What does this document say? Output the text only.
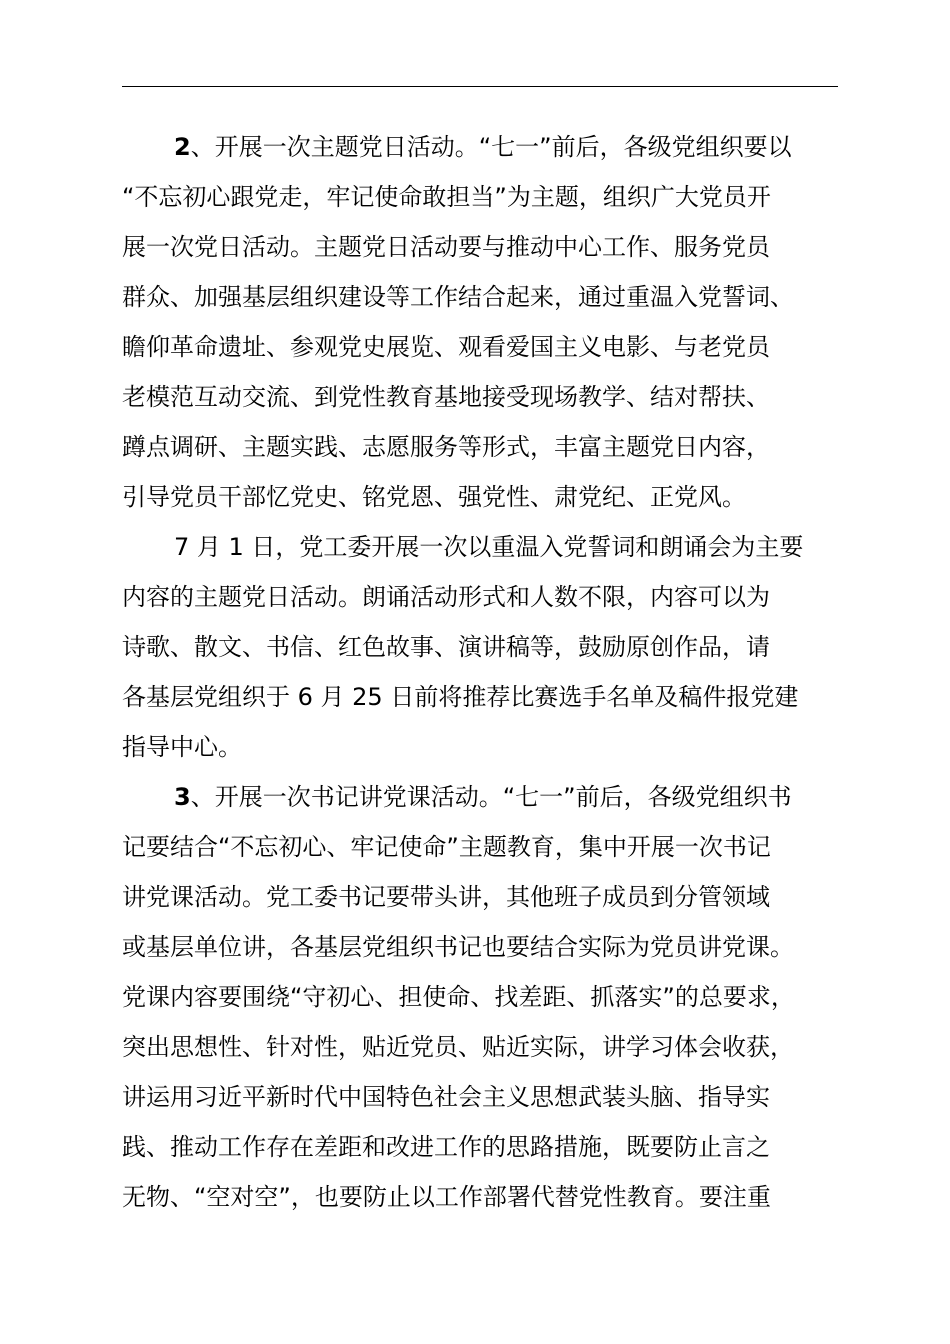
2、开展一次主题党日活动。“七一”前后，各级党组织要以
“不忘初心跟党走，牢记使命敢担当”为主题，组织广大党员开
展一次党日活动。主题党日活动要与推动中心工作、服务党员
群众、加强基层组织建设等工作结合起来，通过重温入党誓词、
瞻仰革命遗址、参观党史展览、观看爱国主义电影、与老党员
老模范互动交流、到党性教育基地接受现场教学、结对帮扶、
蹲点调研、主题实践、志愿服务等形式，丰富主题党日内容，
引导党员干部忆党史、铭党恩、强党性、肃党纪、正党风。
7 月 1 日，党工委开展一次以重温入党誓词和朗诵会为主要
内容的主题党日活动。朗诵活动形式和人数不限，内容可以为
诗歌、散文、书信、红色故事、演讲稿等，鼓励原创作品，请
各基层党组织于 6 月 25 日前将推荐比赛选手名单及稿件报党建
指导中心。
3、开展一次书记讲党课活动。“七一”前后，各级党组织书
记要结合“不忘初心、牢记使命”主题教育，集中开展一次书记
讲党课活动。党工委书记要带头讲，其他班子成员到分管领域
或基层单位讲，各基层党组织书记也要结合实际为党员讲党课。
党课内容要围绕“守初心、担使命、找差距、抓落实”的总要求，
突出思想性、针对性，贴近党员、贴近实际，讲学习体会收获，
讲运用习近平新时代中国特色社会主义思想武装头脑、指导实
践、推动工作存在差距和改进工作的思路措施，既要防止言之
无物、“空对空”，也要防止以工作部署代替党性教育。要注重
